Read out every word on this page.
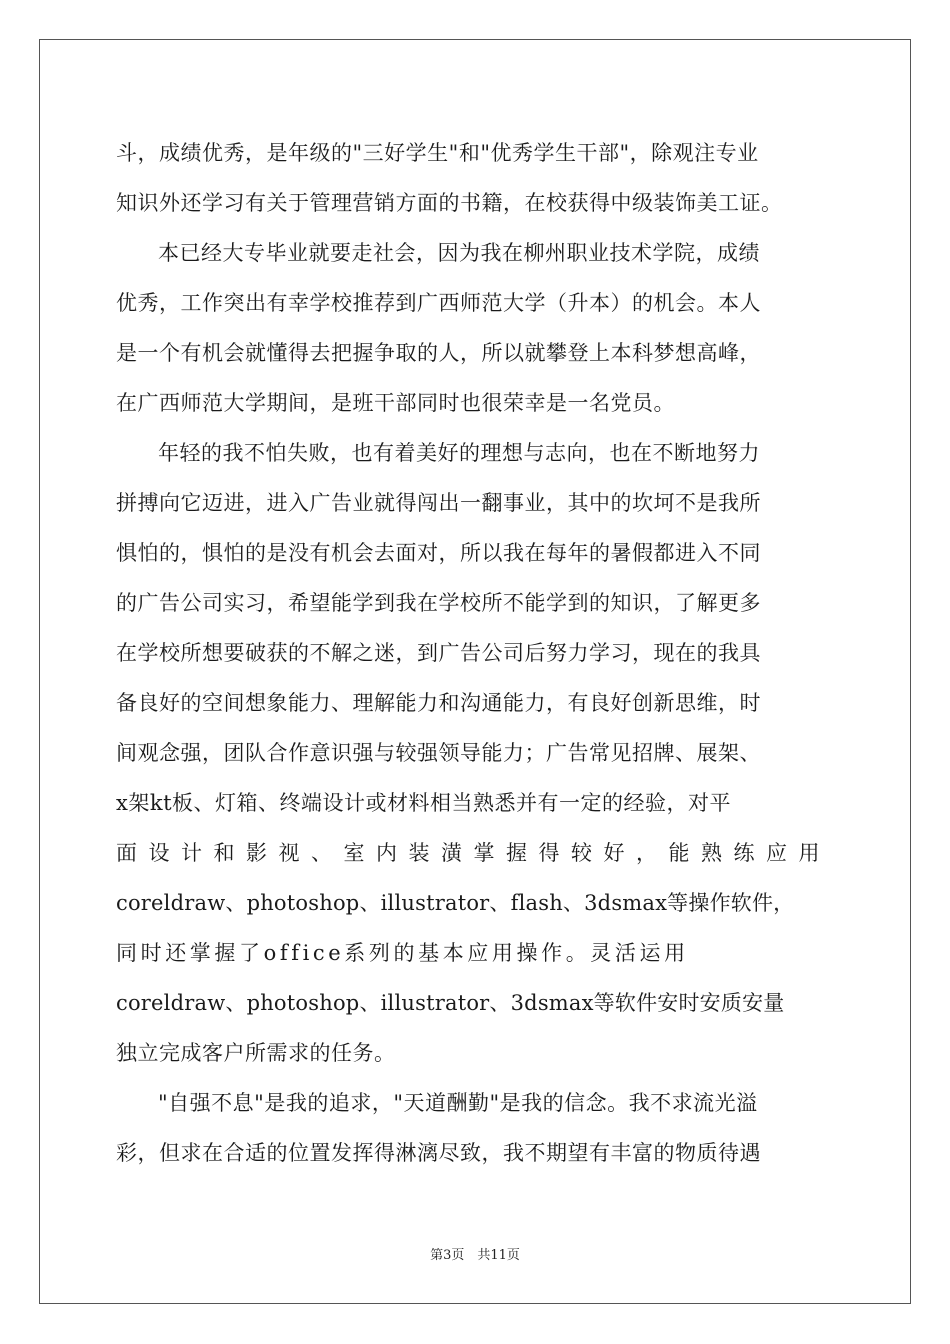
斗，成绩优秀，是年级的"三好学生"和"优秀学生干部"，除观注专业
知识外还学习有关于管理营销方面的书籍，在校获得中级装饰美工证。
本已经大专毕业就要走社会，因为我在柳州职业技术学院，成绩
优秀，工作突出有幸学校推荐到广西师范大学（升本）的机会。本人
是一个有机会就懂得去把握争取的人，所以就攀登上本科梦想高峰，
在广西师范大学期间，是班干部同时也很荣幸是一名党员。
年轻的我不怕失败，也有着美好的理想与志向，也在不断地努力
拼搏向它迈进，进入广告业就得闯出一翻事业，其中的坎坷不是我所
惧怕的，惧怕的是没有机会去面对，所以我在每年的暑假都进入不同
的广告公司实习，希望能学到我在学校所不能学到的知识，了解更多
在学校所想要破获的不解之迷，到广告公司后努力学习，现在的我具
备良好的空间想象能力、理解能力和沟通能力，有良好创新思维，时
间观念强，团队合作意识强与较强领导能力；广告常见招牌、展架、
x架kt板、灯箱、终端设计或材料相当熟悉并有一定的经验，对平
面设计和影视、室内装潢掌握得较好，能熟练应用
coreldraw、photoshop、illustrator、flash、3dsmax等操作软件，
同时还掌握了office系列的基本应用操作。灵活运用
coreldraw、photoshop、illustrator、3dsmax等软件安时安质安量
独立完成客户所需求的任务。
"自强不息"是我的追求，"天道酬勤"是我的信念。我不求流光溢
彩，但求在合适的位置发挥得淋漓尽致，我不期望有丰富的物质待遇
第3页　共11页
